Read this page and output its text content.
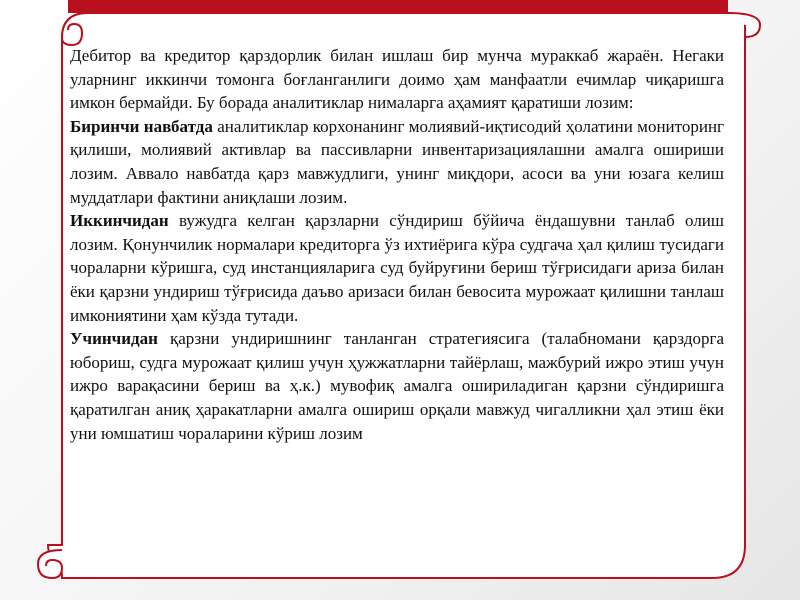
Дебитор ва кредитор қарздорлик билан ишлаш бир мунча мураккаб жараён. Негаки уларнинг иккинчи томонга боғланганлиги доимо ҳам манфаатли ечимлар чиқаришга имкон бермайди. Бу борада аналитиклар нималарга аҳамият қаратиши лозим:

Биринчи навбатда аналитиклар корхонанинг молиявий-иқтисодий ҳолатини мониторинг қилиши, молиявий активлар ва пассивларни инвентаризациялашни амалга ошириши лозим. Аввало навбатда қарз мавжудлиги, унинг миқдори, асоси ва уни юзага келиш муддатлари фактини аниқлаши лозим.

Иккинчидан вужудга келган қарзларни сўндириш бўйича ёндашувни танлаб олиш лозим. Қонунчилик нормалари кредиторга ўз ихтиёрига кўра судгача ҳал қилиш тусидаги чораларни кўришга, суд инстанцияларига суд буйруғини бериш тўғрисидаги ариза билан ёки қарзни ундириш тўғрисида даъво аризаси билан бевосита мурожаат қилишни танлаш имкониятини ҳам кўзда тутади.

Учинчидан қарзни ундиришнинг танланган стратегиясига (талабномани қарздорга юбориш, судга мурожаат қилиш учун ҳужжатларни тайёрлаш, мажбурий ижро этиш учун ижро варақасини бериш ва ҳ.к.) мувофиқ амалга ошириладиган қарзни сўндиришга қаратилган аниқ ҳаракатларни амалга ошириш орқали мавжуд чигалликни ҳал этиш ёки уни юмшатиш чораларини кўриш лозим
